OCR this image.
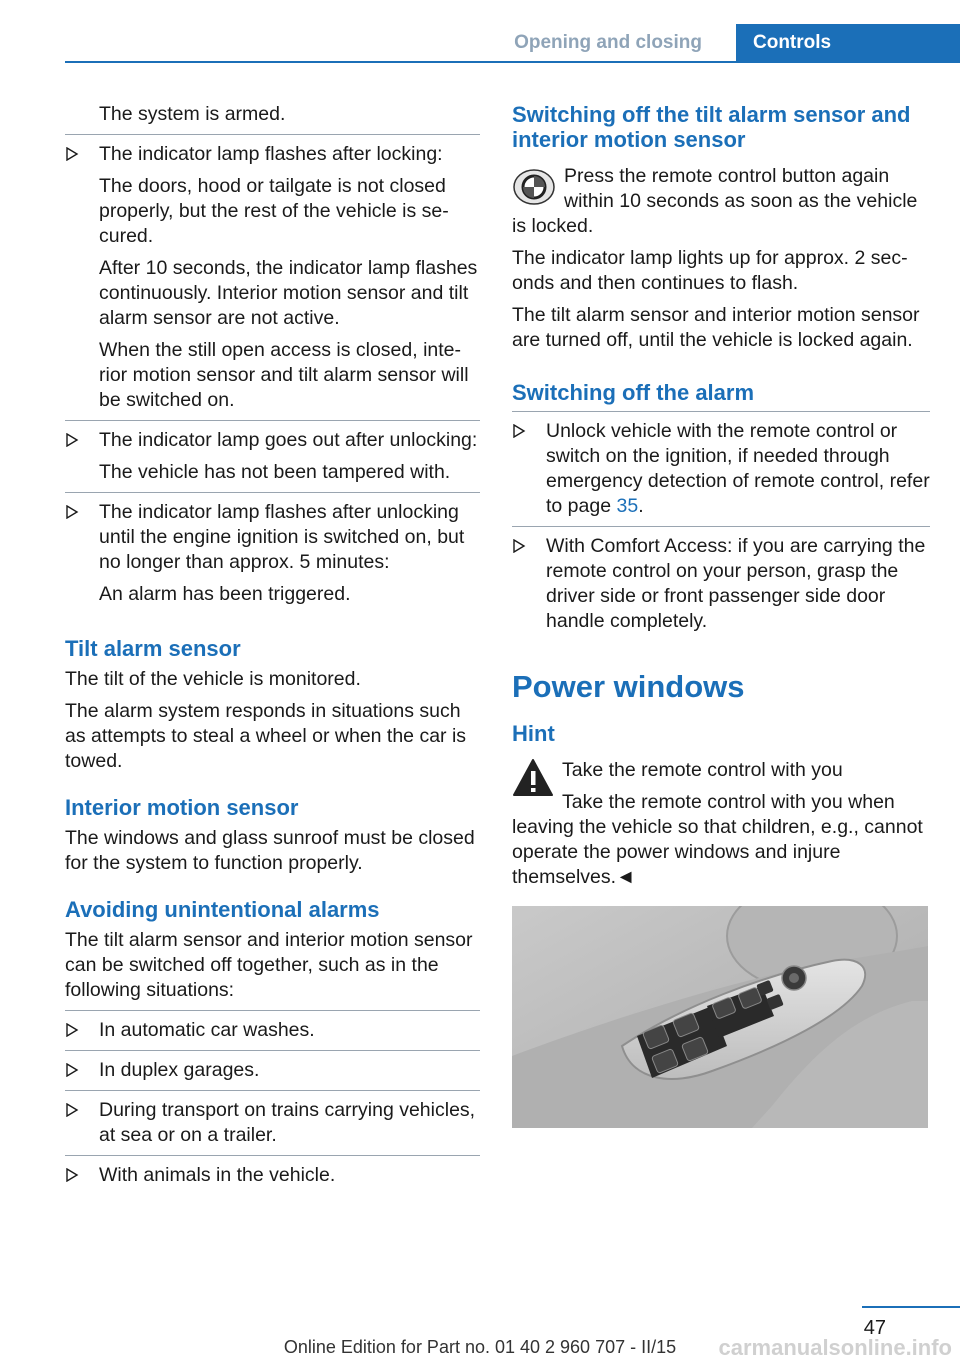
Opening and closing	Controls

The system is armed.

The indicator lamp flashes after locking:

The doors, hood or tailgate is not closed properly, but the rest of the vehicle is secured.

After 10 seconds, the indicator lamp flashes continuously. Interior motion sensor and tilt alarm sensor are not active.

When the still open access is closed, interior motion sensor and tilt alarm sensor will be switched on.

The indicator lamp goes out after unlocking:

The vehicle has not been tampered with.

The indicator lamp flashes after unlocking until the engine ignition is switched on, but no longer than approx. 5 minutes:

An alarm has been triggered.

Tilt alarm sensor

The tilt of the vehicle is monitored.

The alarm system responds in situations such as attempts to steal a wheel or when the car is towed.

Interior motion sensor

The windows and glass sunroof must be closed for the system to function properly.

Avoiding unintentional alarms

The tilt alarm sensor and interior motion sensor can be switched off together, such as in the following situations:

In automatic car washes.
In duplex garages.
During transport on trains carrying vehicles, at sea or on a trailer.
With animals in the vehicle.
Switching off the tilt alarm sensor and interior motion sensor

Press the remote control button again within 10 seconds as soon as the vehicle is locked.

The indicator lamp lights up for approx. 2 seconds and then continues to flash.

The tilt alarm sensor and interior motion sensor are turned off, until the vehicle is locked again.

Switching off the alarm
Unlock vehicle with the remote control or switch on the ignition, if needed through emergency detection of remote control, refer to page 35.
With Comfort Access: if you are carrying the remote control on your person, grasp the driver side or front passenger side door handle completely.
Power windows
Hint

Take the remote control with you

Take the remote control with you when leaving the vehicle so that children, e.g., cannot operate the power windows and injure themselves.◄

47
Online Edition for Part no. 01 40 2 960 707 - II/15	carmanualsonline.info
